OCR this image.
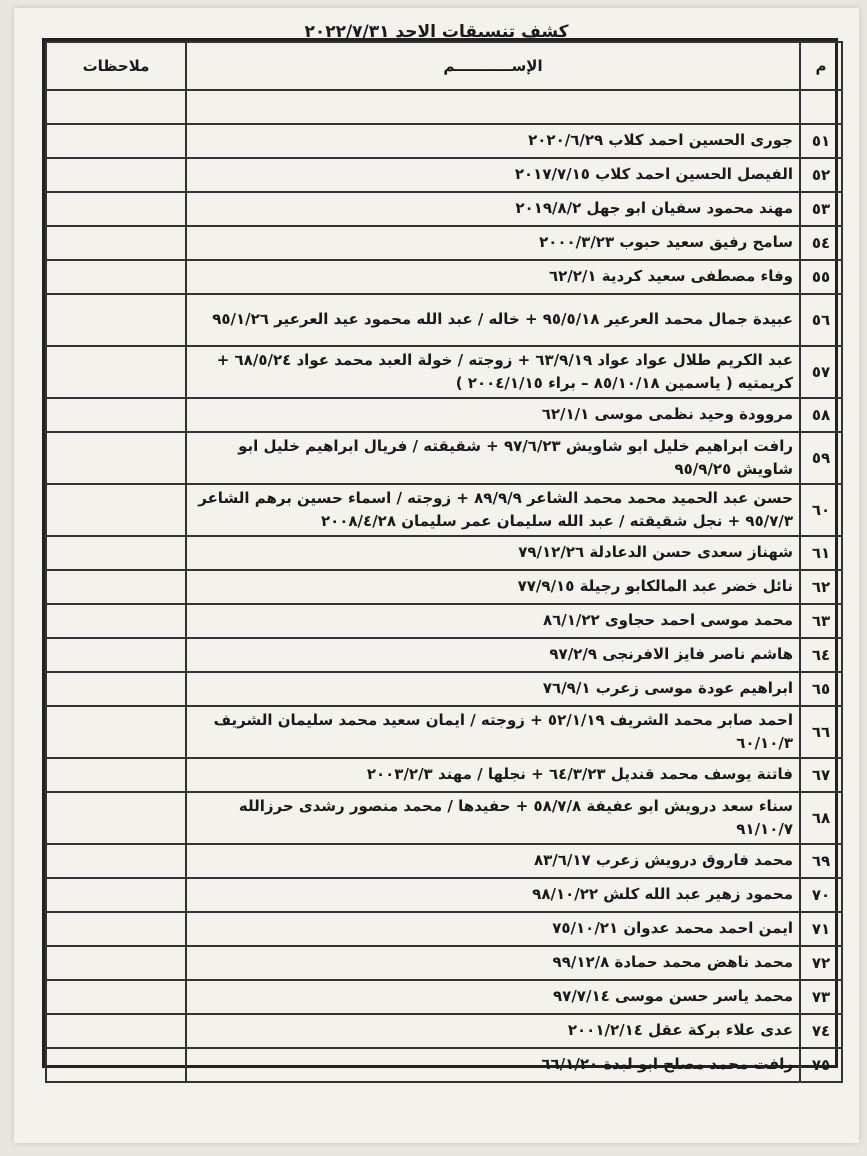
كشف تنسيقات الاحد ٢٠٢٢/٧/٣١
م	الإســـــــــــم	ملاحظات

٥١	جورى الحسين احمد كلاب ٢٠٢٠/٦/٢٩	
٥٢	الفيصل الحسين احمد كلاب ٢٠١٧/٧/١٥	
٥٣	مهند محمود سفيان ابو جهل ٢٠١٩/٨/٢	
٥٤	سامح رفيق سعيد حبوب ٢٠٠٠/٣/٢٣	
٥٥	وفاء مصطفى سعيد كردية ٦٢/٢/١	
٥٦	عبيدة جمال محمد العرعير ٩٥/٥/١٨ + خاله / عبد الله محمود عيد العرعير ٩٥/١/٢٦	
٥٧	عبد الكريم طلال عواد عواد ٦٣/٩/١٩ + زوجته / خولة العبد محمد عواد ٦٨/٥/٢٤ + كريمتيه ( ياسمين ٨٥/١٠/١٨ – براء ٢٠٠٤/١/١٥ )	
٥٨	مروودة وحيد نظمى موسى ٦٢/١/١	
٥٩	رافت ابراهيم خليل ابو شاويش ٩٧/٦/٢٣ + شقيقته / فريال ابراهيم خليل ابو شاويش ٩٥/٩/٢٥	
٦٠	حسن عبد الحميد محمد محمد الشاعر ٨٩/٩/٩ + زوجته / اسماء حسين برهم الشاعر ٩٥/٧/٣ + نجل شقيقته / عبد الله سليمان عمر سليمان ٢٠٠٨/٤/٢٨	
٦١	شهناز سعدى حسن الدعادلة ٧٩/١٢/٢٦	
٦٢	نائل خضر عبد المالكابو رجيلة ٧٧/٩/١٥	
٦٣	محمد موسى احمد حجاوى ٨٦/١/٢٢	
٦٤	هاشم ناصر فايز الافرنجى ٩٧/٢/٩	
٦٥	ابراهيم عودة موسى زعرب ٧٦/٩/١	
٦٦	احمد صابر محمد الشريف ٥٢/١/١٩ + زوجته / ايمان سعيد محمد سليمان الشريف ٦٠/١٠/٣	
٦٧	فاتنة يوسف محمد قنديل ٦٤/٣/٢٣ + نجلها / مهند ٢٠٠٣/٢/٣	
٦٨	سناء سعد درويش ابو عفيفة ٥٨/٧/٨ + حفيدها / محمد منصور رشدى حرزالله ٩١/١٠/٧	
٦٩	محمد فاروق درويش زعرب ٨٣/٦/١٧	
٧٠	محمود زهير عبد الله كلش ٩٨/١٠/٢٢	
٧١	ايمن احمد محمد عدوان ٧٥/١٠/٢١	
٧٢	محمد ناهض محمد حمادة ٩٩/١٢/٨	
٧٣	محمد ياسر حسن موسى ٩٧/٧/١٤	
٧٤	عدى علاء بركة عقل ٢٠٠١/٢/١٤	
٧٥	رافت محمد مصلح ابو لبدة ٦٦/١/٢٠	
